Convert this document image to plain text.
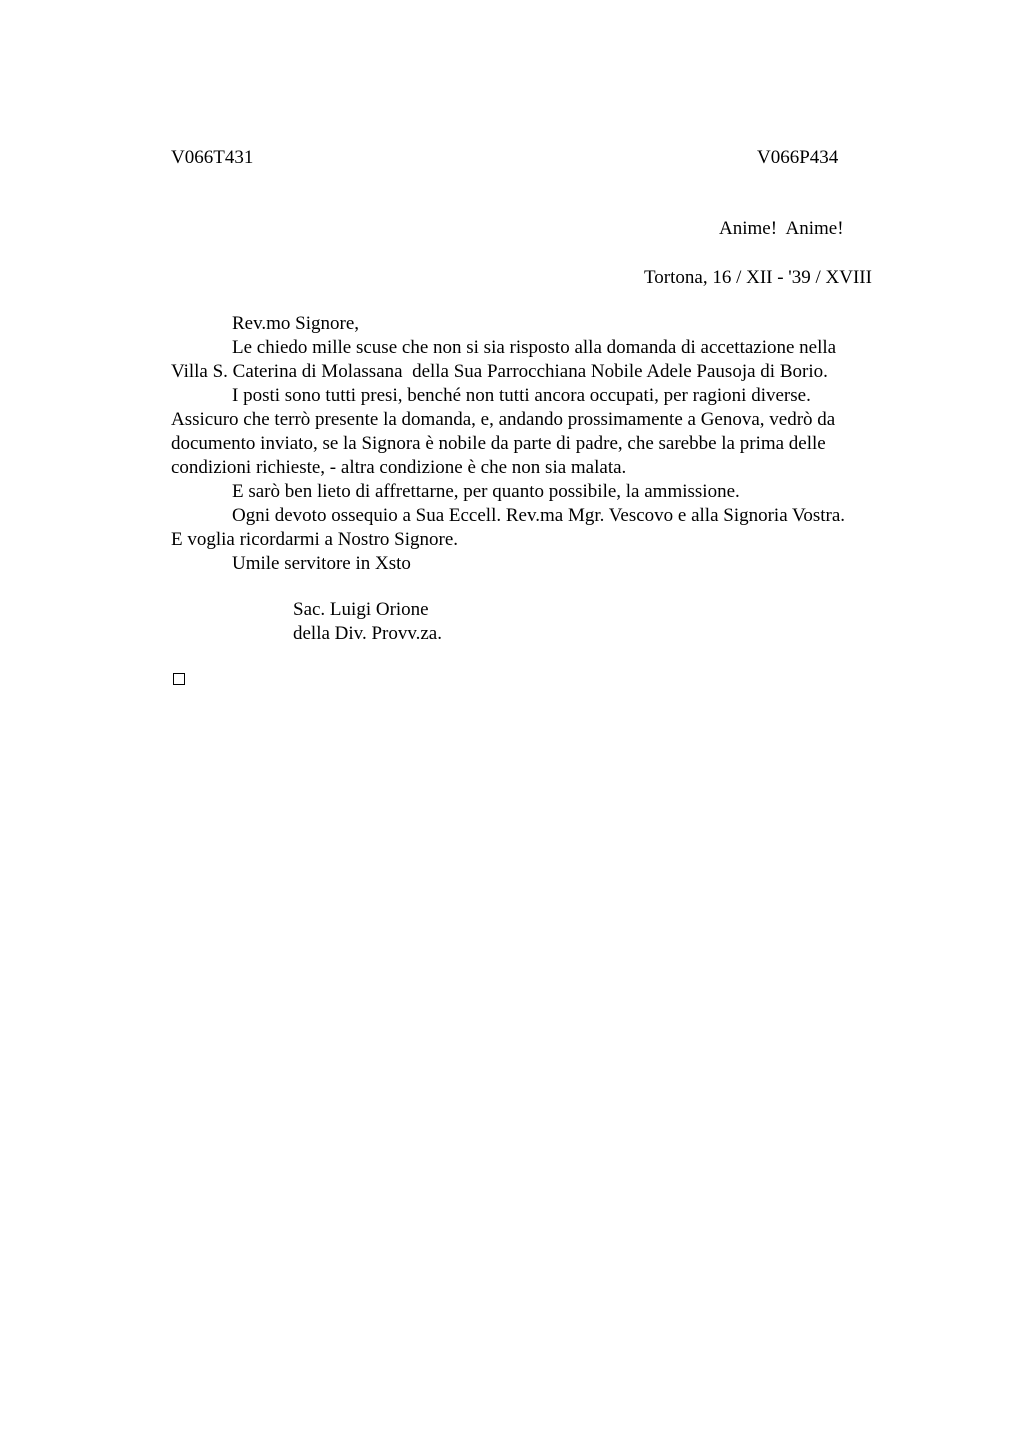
V066T431	V066P434
Anime!  Anime!
Tortona, 16 / XII - '39 / XVIII

Rev.mo Signore,

Le chiedo mille scuse che non si sia risposto alla domanda di accettazione nella

Villa S. Caterina di Molassana  della Sua Parrocchiana Nobile Adele Pausoja di Borio.

I posti sono tutti presi, benché non tutti ancora occupati, per ragioni diverse.

Assicuro che terrò presente la domanda, e, andando prossimamente a Genova, vedrò da

documento inviato, se la Signora è nobile da parte di padre, che sarebbe la prima delle

condizioni richieste, - altra condizione è che non sia malata.

E sarò ben lieto di affrettarne, per quanto possibile, la ammissione.

Ogni devoto ossequio a Sua Eccell. Rev.ma Mgr. Vescovo e alla Signoria Vostra.

E voglia ricordarmi a Nostro Signore.

Umile servitore in Xsto

Sac. Luigi Orione
della Div. Provv.za.
